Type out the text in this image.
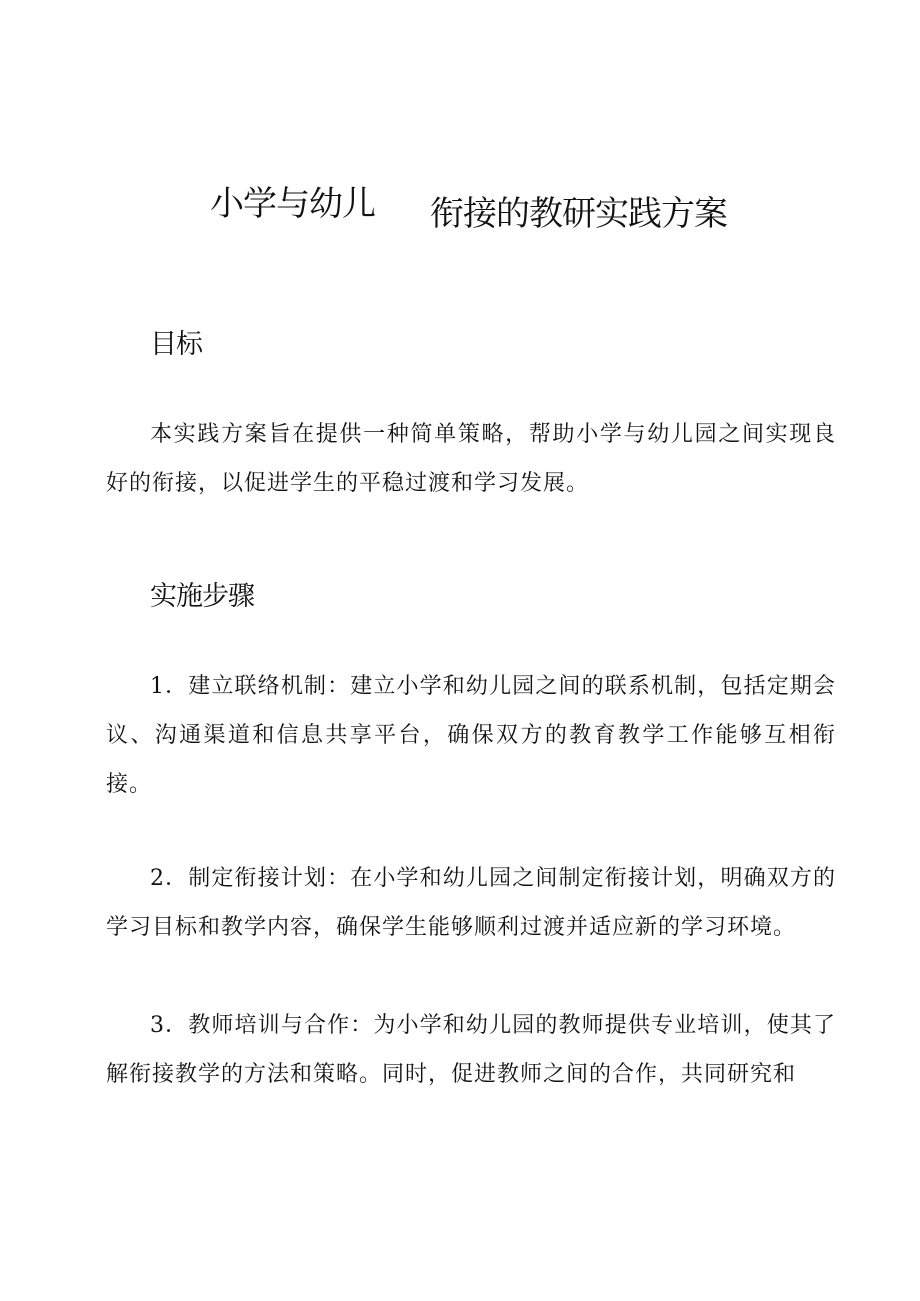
小学与幼儿 衔接的教研实践方案
目标
本实践方案旨在提供一种简单策略，帮助小学与幼儿园之间实现良好的衔接，以促进学生的平稳过渡和学习发展。
实施步骤
1．建立联络机制：建立小学和幼儿园之间的联系机制，包括定期会议、沟通渠道和信息共享平台，确保双方的教育教学工作能够互相衔接。
2．制定衔接计划：在小学和幼儿园之间制定衔接计划，明确双方的学习目标和教学内容，确保学生能够顺利过渡并适应新的学习环境。
3．教师培训与合作：为小学和幼儿园的教师提供专业培训，使其了解衔接教学的方法和策略。同时，促进教师之间的合作，共同研究和
